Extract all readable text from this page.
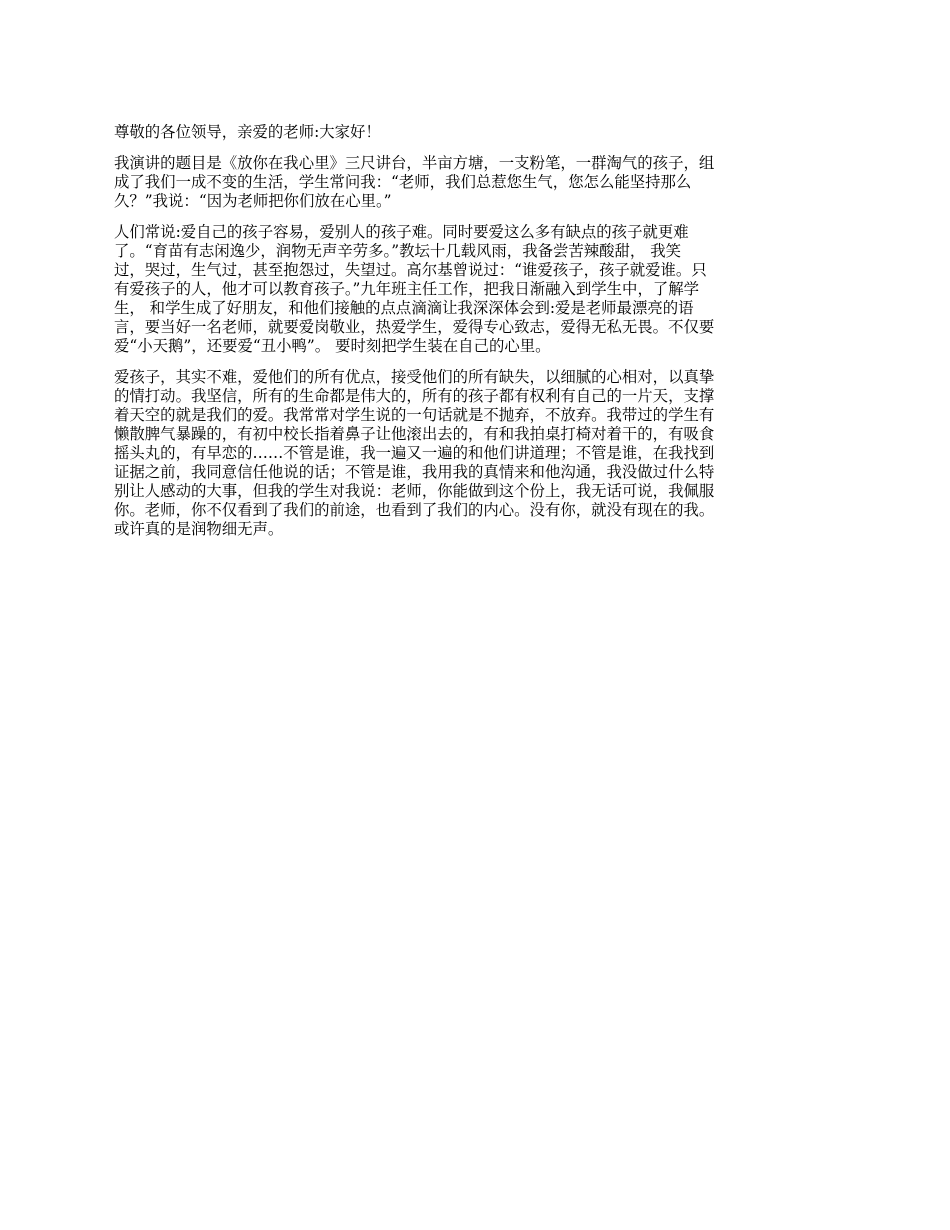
尊敬的各位领导，亲爱的老师:大家好！

我演讲的题目是《放你在我心里》三尺讲台，半亩方塘，一支粉笔，一群淘气的孩子，组
成了我们一成不变的生活，学生常问我：“老师，我们总惹您生气，您怎么能坚持那么
久？”我说：“因为老师把你们放在心里。”

人们常说:爱自己的孩子容易，爱别人的孩子难。同时要爱这么多有缺点的孩子就更难
了。“育苗有志闲逸少，润物无声辛劳多。”教坛十几载风雨，我备尝苦辣酸甜， 我笑
过，哭过，生气过，甚至抱怨过，失望过。高尔基曾说过：“谁爱孩子，孩子就爱谁。只
有爱孩子的人，他才可以教育孩子。”九年班主任工作，把我日渐融入到学生中，了解学
生， 和学生成了好朋友，和他们接触的点点滴滴让我深深体会到:爱是老师最漂亮的语
言，要当好一名老师，就要爱岗敬业，热爱学生，爱得专心致志，爱得无私无畏。不仅要
爱“小天鹅”，还要爱“丑小鸭”。 要时刻把学生装在自己的心里。

爱孩子，其实不难，爱他们的所有优点，接受他们的所有缺失，以细腻的心相对，以真挚
的情打动。我坚信，所有的生命都是伟大的，所有的孩子都有权利有自己的一片天，支撑
着天空的就是我们的爱。我常常对学生说的一句话就是不抛弃，不放弃。我带过的学生有
懒散脾气暴躁的，有初中校长指着鼻子让他滚出去的，有和我拍桌打椅对着干的，有吸食
摇头丸的，有早恋的……不管是谁，我一遍又一遍的和他们讲道理；不管是谁，在我找到
证据之前，我同意信任他说的话；不管是谁，我用我的真情来和他沟通，我没做过什么特
别让人感动的大事，但我的学生对我说：老师，你能做到这个份上，我无话可说，我佩服
你。老师，你不仅看到了我们的前途，也看到了我们的内心。没有你，就没有现在的我。
或许真的是润物细无声。
